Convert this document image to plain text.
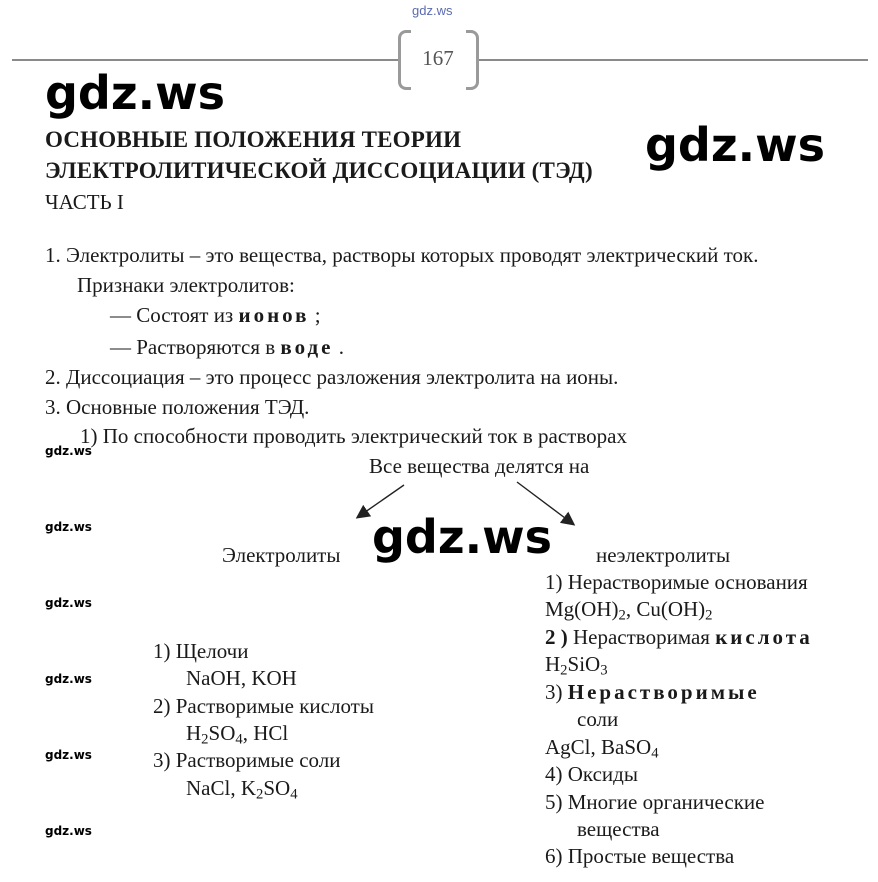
gdz.ws
167
gdz.ws
gdz.ws
ОСНОВНЫЕ ПОЛОЖЕНИЯ ТЕОРИИ
ЭЛЕКТРОЛИТИЧЕСКОЙ ДИССОЦИАЦИИ (ТЭД)
ЧАСТЬ I
1. Электролиты – это вещества, растворы которых проводят электрический ток.
Признаки электролитов:
— Состоят из ионов ;
— Растворяются в воде .
2. Диссоциация – это процесс разложения электролита на ионы.
3. Основные положения ТЭД.
1) По способности проводить электрический ток в растворах
gdz.ws
gdz.ws
gdz.ws
gdz.ws
gdz.ws
gdz.ws
Все вещества делятся на
gdz.ws
Электролиты	неэлектролиты
1) Щелочи
NaOH, KOH
2) Растворимые кислоты
$H_2SO_4$, HCl
3) Растворимые соли
NaCl, $K_2SO_4$
1) Нерастворимые основания
$Mg(OH)_2$, $Cu(OH)_2$
2 ) Нерастворимая кислота
$H_2SiO_3$
3) Нерастворимые
соли
AgCl, BaSO$_4$
4) Оксиды
5) Многие органические
вещества
6) Простые вещества
